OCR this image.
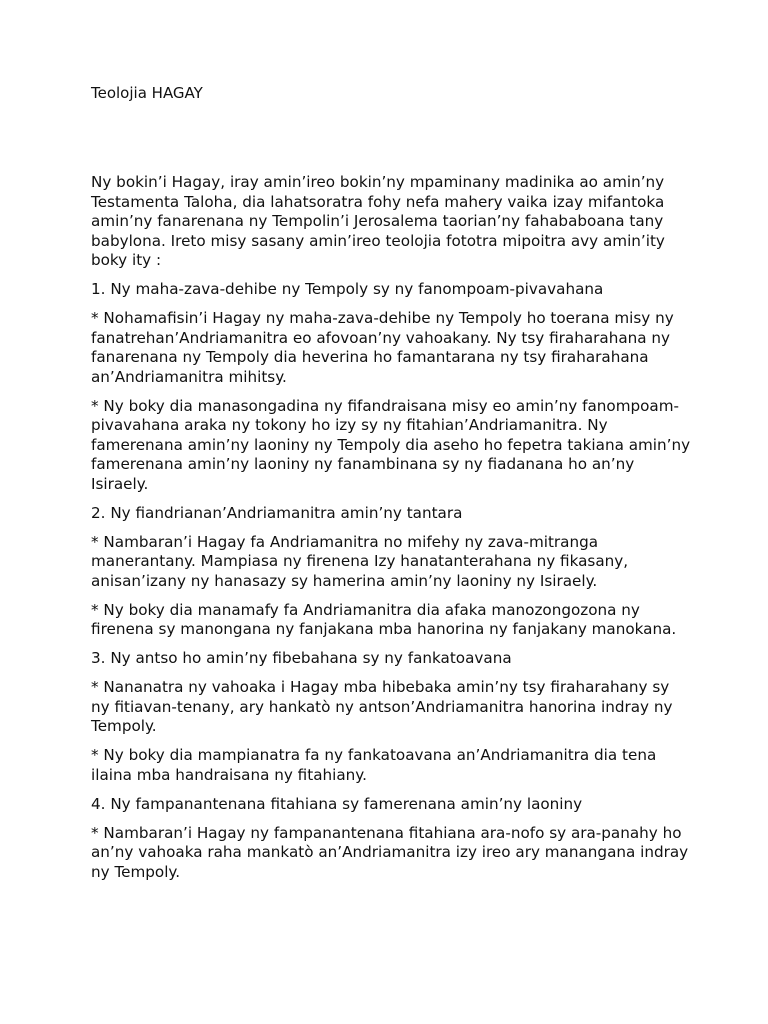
Teolojia HAGAY

Ny bokin’i Hagay, iray amin’ireo bokin’ny mpaminany madinika ao amin’ny Testamenta Taloha, dia lahatsoratra fohy nefa mahery vaika izay mifantoka amin’ny fanarenana ny Tempolin’i Jerosalema taorian’ny fahababoana tany babylona. Ireto misy sasany amin’ireo teolojia fototra mipoitra avy amin’ity boky ity :

1. Ny maha-zava-dehibe ny Tempoly sy ny fanompoam-pivavahana

* Nohamafisin’i Hagay ny maha-zava-dehibe ny Tempoly ho toerana misy ny fanatrehan’Andriamanitra eo afovoan’ny vahoakany. Ny tsy firaharahana ny fanarenana ny Tempoly dia heverina ho famantarana ny tsy firaharahana an’Andriamanitra mihitsy.

* Ny boky dia manasongadina ny fifandraisana misy eo amin’ny fanompoam-pivavahana araka ny tokony ho izy sy ny fitahian’Andriamanitra. Ny famerenana amin’ny laoniny ny Tempoly dia aseho ho fepetra takiana amin’ny famerenana amin’ny laoniny ny fanambinana sy ny fiadanana ho an’ny Isiraely.

2. Ny fiandrianan’Andriamanitra amin’ny tantara

* Nambaran’i Hagay fa Andriamanitra no mifehy ny zava-mitranga manerantany. Mampiasa ny firenena Izy hanatanterahana ny fikasany, anisan’izany ny hanasazy sy hamerina amin’ny laoniny ny Isiraely.

* Ny boky dia manamafy fa Andriamanitra dia afaka manozongozona ny firenena sy manongana ny fanjakana mba hanorina ny fanjakany manokana.

3. Ny antso ho amin’ny fibebahana sy ny fankatoavana

* Nananatra ny vahoaka i Hagay mba hibebaka amin’ny tsy firaharahany sy ny fitiavan-tenany, ary hankatò ny antson’Andriamanitra hanorina indray ny Tempoly.

* Ny boky dia mampianatra fa ny fankatoavana an’Andriamanitra dia tena ilaina mba handraisana ny fitahiany.

4. Ny fampanantenana fitahiana sy famerenana amin’ny laoniny

* Nambaran’i Hagay ny fampanantenana fitahiana ara-nofo sy ara-panahy ho an’ny vahoaka raha mankatò an’Andriamanitra izy ireo ary manangana indray ny Tempoly.
